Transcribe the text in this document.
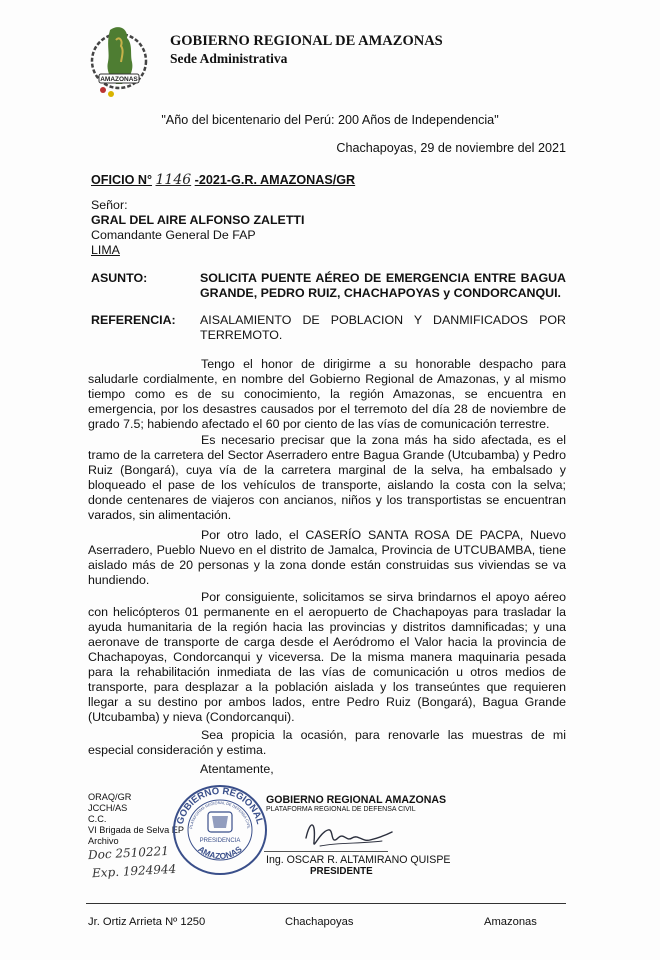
AMAZONAS
GOBIERNO REGIONAL DE AMAZONAS
Sede Administrativa
"Año del bicentenario del Perú: 200 Años de Independencia"
Chachapoyas, 29 de noviembre del 2021
OFICIO N° 1146 -2021-G.R. AMAZONAS/GR
Señor:
GRAL DEL AIRE ALFONSO ZALETTI
Comandante General De FAP
LIMA
ASUNTO:	SOLICITA PUENTE AÉREO DE EMERGENCIA ENTRE BAGUA GRANDE, PEDRO RUIZ, CHACHAPOYAS y CONDORCANQUI.
REFERENCIA: AISALAMIENTO DE POBLACION Y DANMIFICADOS POR TERREMOTO.
Tengo el honor de dirigirme a su honorable despacho para saludarle cordialmente, en nombre del Gobierno Regional de Amazonas, y al mismo tiempo como es de su conocimiento, la región Amazonas, se encuentra en emergencia, por los desastres causados por el terremoto del día 28 de noviembre de grado 7.5; habiendo afectado el 60 por ciento de las vías de comunicación terrestre.
Es necesario precisar que la zona más ha sido afectada, es el tramo de la carretera del Sector Aserradero entre Bagua Grande (Utcubamba) y Pedro Ruiz (Bongará), cuya vía de la carretera marginal de la selva, ha embalsado y bloqueado el pase de los vehículos de transporte, aislando la costa con la selva; donde centenares de viajeros con ancianos, niños y los transportistas se encuentran varados, sin alimentación.
Por otro lado, el CASERÍO SANTA ROSA DE PACPA, Nuevo Aserradero, Pueblo Nuevo en el distrito de Jamalca, Provincia de UTCUBAMBA, tiene aislado más de 20 personas y la zona donde están construidas sus viviendas se va hundiendo.
Por consiguiente, solicitamos se sirva brindarnos el apoyo aéreo con helicópteros 01 permanente en el aeropuerto de Chachapoyas para trasladar la ayuda humanitaria de la región hacia las provincias y distritos damnificadas; y una aeronave de transporte de carga desde el Aeródromo el Valor hacia la provincia de Chachapoyas, Condorcanqui y viceversa. De la misma manera maquinaria pesada para la rehabilitación inmediata de las vías de comunicación u otros medios de transporte, para desplazar a la población aislada y los transeúntes que requieren llegar a su destino por ambos lados, entre Pedro Ruiz (Bongará), Bagua Grande (Utcubamba) y nieva (Condorcanqui).
Sea propicia la ocasión, para renovarle las muestras de mi especial consideración y estima.
Atentamente,
ORAQ/GR
JCCH/AS
C.C.
VI Brigada de Selva EP
Archivo
Doc 2510221
Exp. 1924944
GOBIERNO REGIONAL
PLATAFORMA REGIONAL DE DEFENSA CIVIL
PRESIDENCIA
AMAZONAS
GOBIERNO REGIONAL AMAZONAS
PLATAFORMA REGIONAL DE DEFENSA CIVIL
Ing. OSCAR R. ALTAMIRANO QUISPE
PRESIDENTE
Jr. Ortiz Arrieta Nº 1250	Chachapoyas	Amazonas
